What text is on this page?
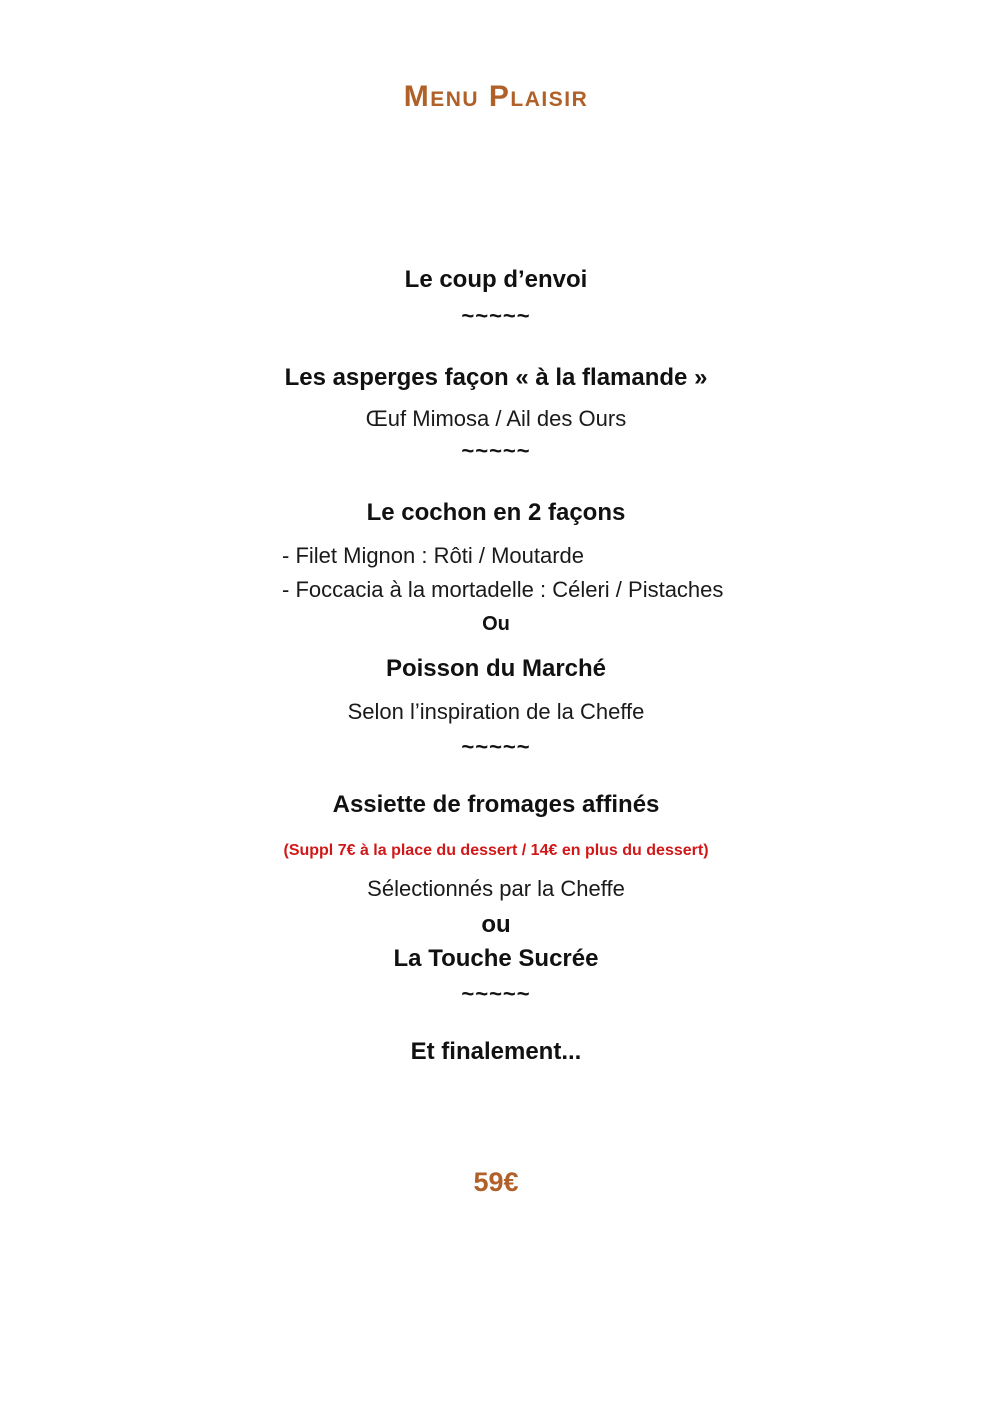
Menu Plaisir
Le coup d’envoi
~~~~~
Les asperges façon « à la flamande »
Œuf Mimosa / Ail des Ours
~~~~~
Le cochon en 2 façons
- Filet Mignon : Rôti / Moutarde
- Foccacia à la mortadelle : Céleri / Pistaches
Ou
Poisson du Marché
Selon l’inspiration de la Cheffe
~~~~~
Assiette de fromages affinés
(Suppl 7€ à la place du dessert / 14€ en plus du dessert)
Sélectionnés par la Cheffe
ou
La Touche Sucrée
~~~~~
Et finalement...
59€
